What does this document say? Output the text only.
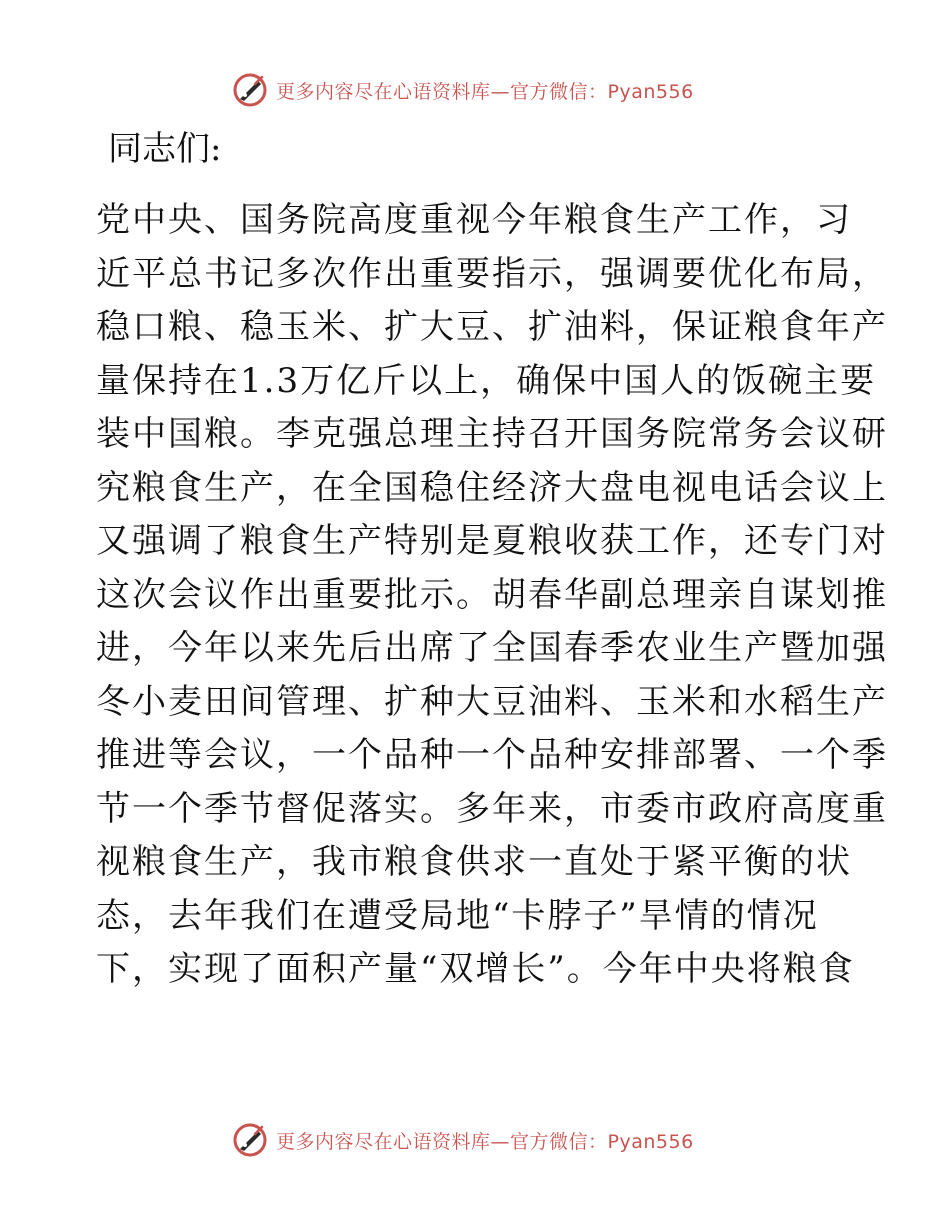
更多内容尽在心语资料库—官方微信：Pyan556
同志们:
党中央、国务院高度重视今年粮食生产工作，习
近平总书记多次作出重要指示，强调要优化布局，
稳口粮、稳玉米、扩大豆、扩油料，保证粮食年产
量保持在1.3万亿斤以上，确保中国人的饭碗主要
装中国粮。李克强总理主持召开国务院常务会议研
究粮食生产，在全国稳住经济大盘电视电话会议上
又强调了粮食生产特别是夏粮收获工作，还专门对
这次会议作出重要批示。胡春华副总理亲自谋划推
进，今年以来先后出席了全国春季农业生产暨加强
冬小麦田间管理、扩种大豆油料、玉米和水稻生产
推进等会议，一个品种一个品种安排部署、一个季
节一个季节督促落实。多年来，市委市政府高度重
视粮食生产，我市粮食供求一直处于紧平衡的状
态，去年我们在遭受局地“卡脖子”旱情的情况
下，实现了面积产量“双增长”。今年中央将粮食
更多内容尽在心语资料库—官方微信：Pyan556
